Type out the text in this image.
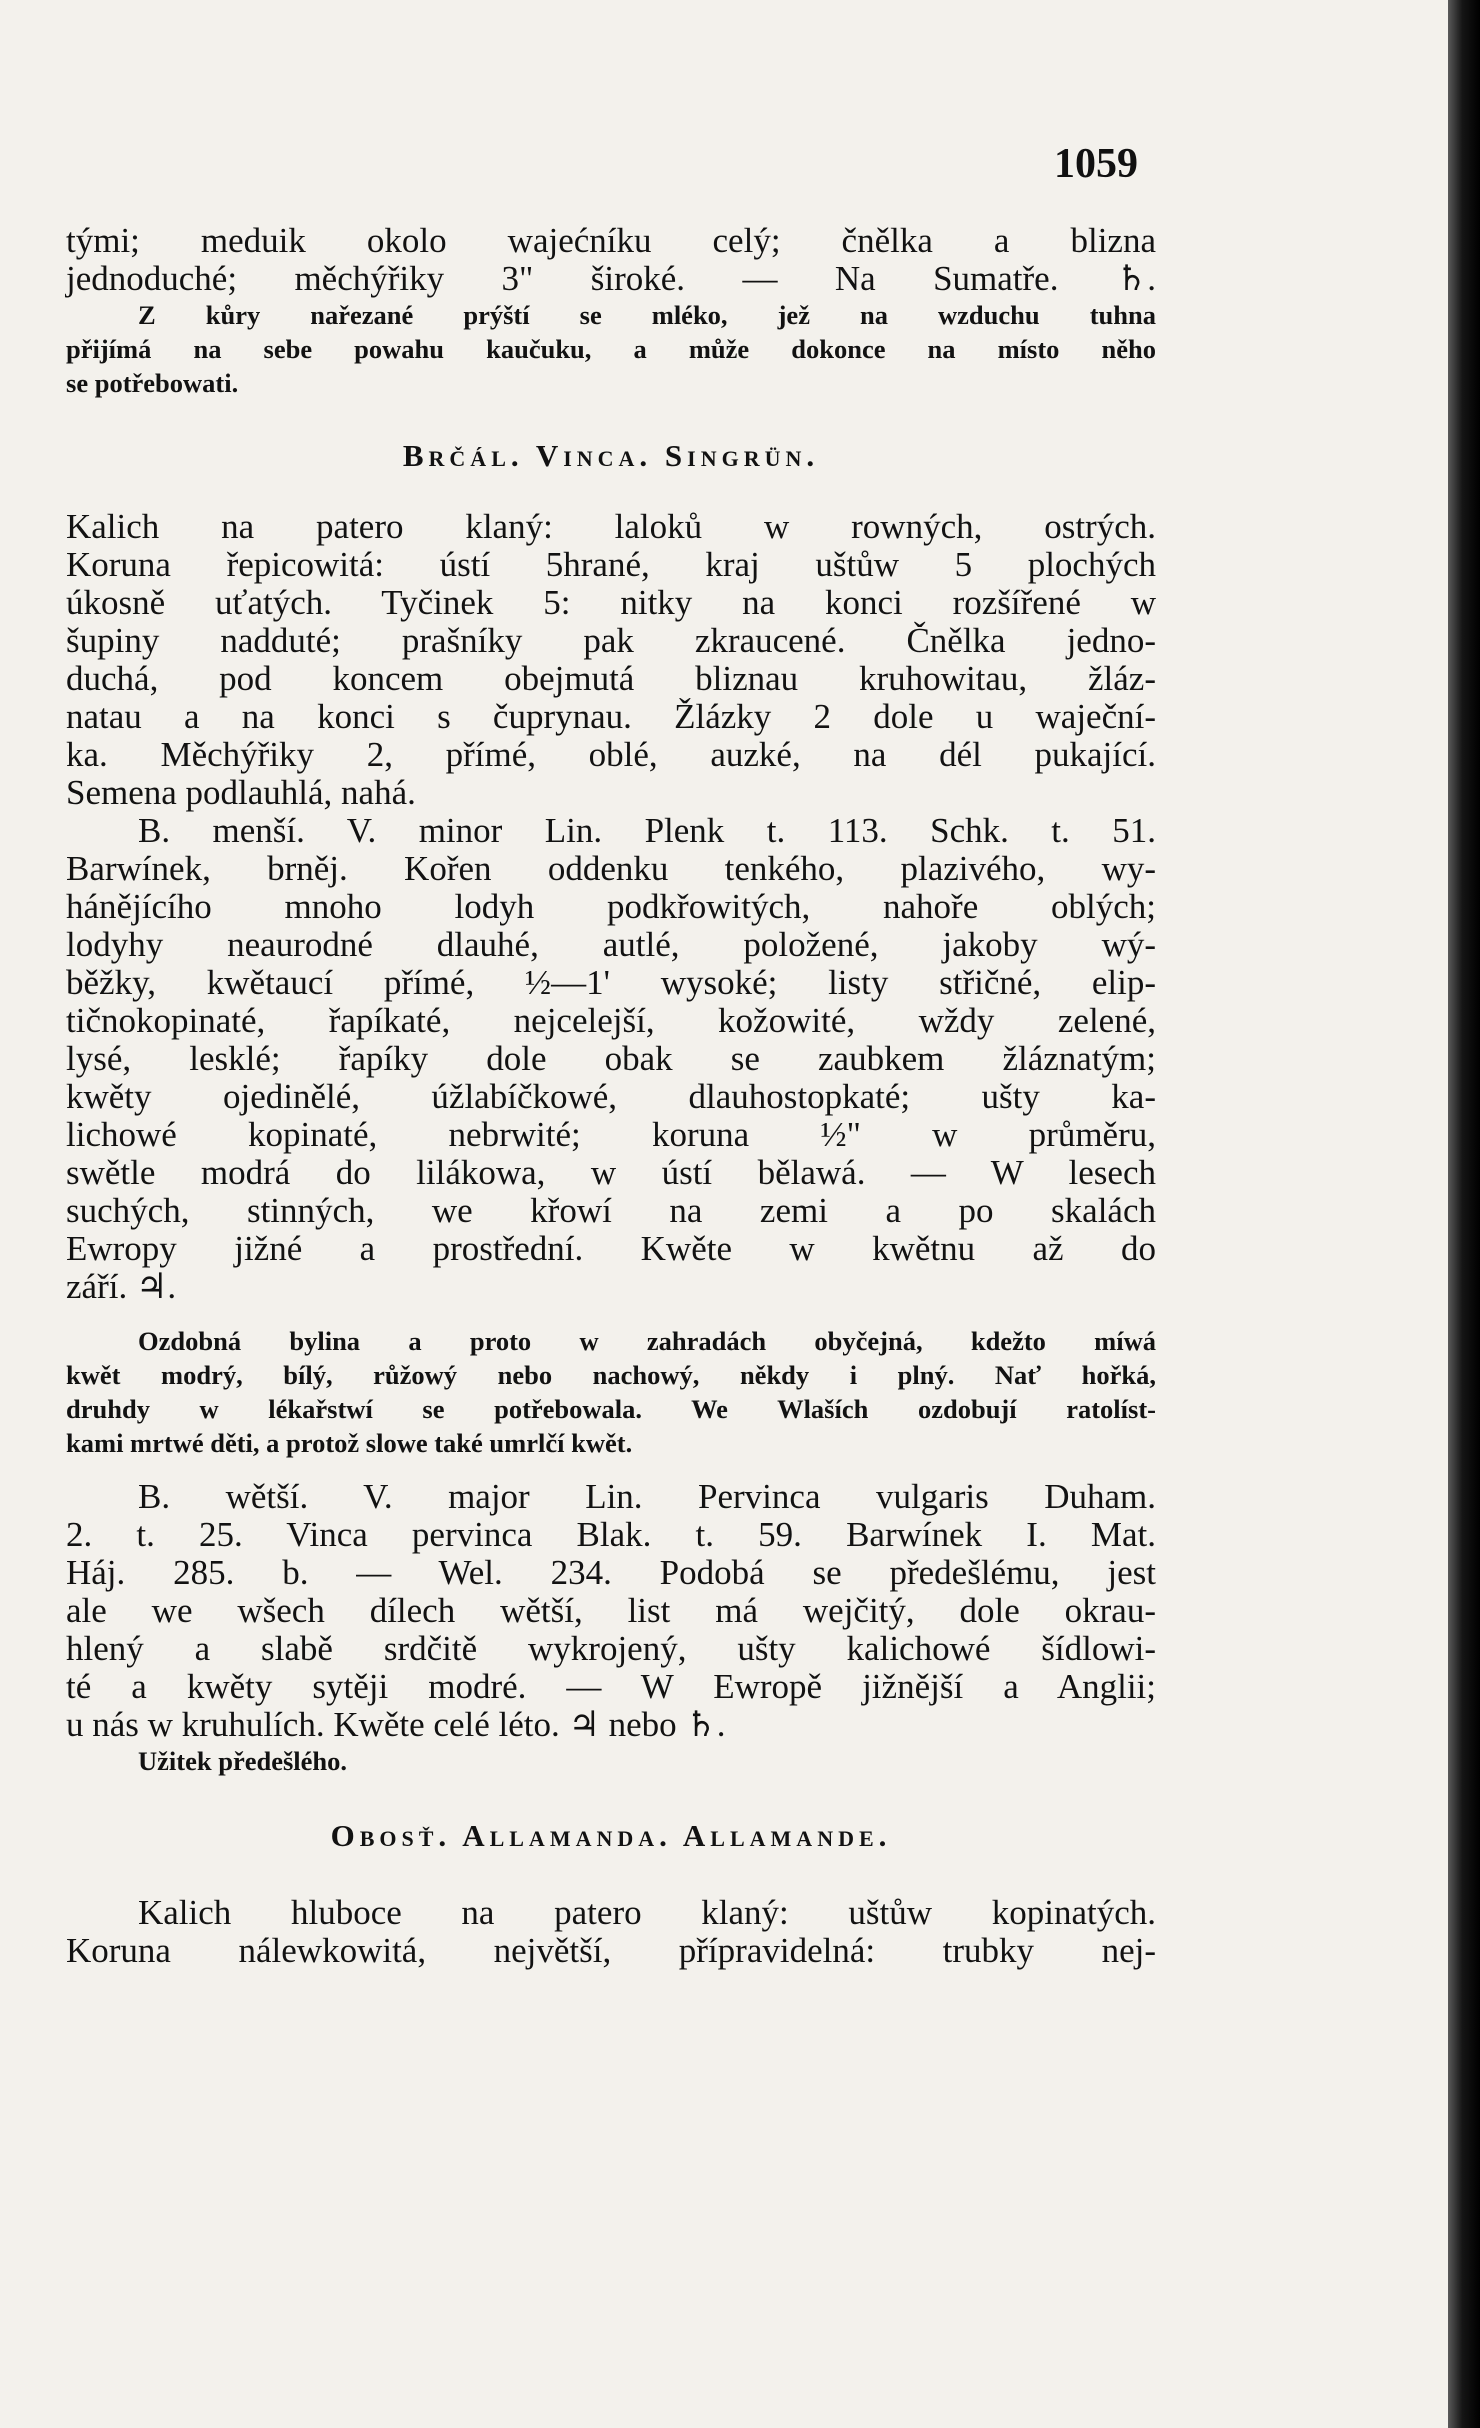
1059
tými; meduik okolo wajećníku celý; čnělka a blizna
jednoduché; měchýřiky 3" široké. — Na Sumatře. ♄.
Z kůry nařezané prýští se mléko, jež na wzduchu tuhna
přijímá na sebe powahu kaučuku, a může dokonce na místo něho
se potřebowati.
Brčál. Vinca. Singrün.
Kalich na patero klaný: laloků w rowných, ostrých.
Koruna řepicowitá: ústí 5hrané, kraj uštůw 5 plochých
úkosně uťatých. Tyčinek 5: nitky na konci rozšířené w
šupiny nadduté; prašníky pak zkraucené. Čnělka jedno-
duchá, pod koncem obejmutá bliznau kruhowitau, žláz-
natau a na konci s čuprynau. Žlázky 2 dole u waječní-
ka. Měchýřiky 2, přímé, oblé, auzké, na dél pukající.
Semena podlauhlá, nahá.
B. menší. V. minor Lin. Plenk t. 113. Schk. t. 51.
Barwínek, brněj. Kořen oddenku tenkého, plazivého, wy-
hánějícího mnoho lodyh podkřowitých, nahoře oblých;
lodyhy neaurodné dlauhé, autlé, položené, jakoby wý-
běžky, kwětaucí přímé, ½—1' wysoké; listy střičné, elip-
tičnokopinaté, řapíkaté, nejcelejší, kožowité, wždy zelené,
lysé, lesklé; řapíky dole obak se zaubkem žláznatým;
kwěty ojedinělé, úžlabíčkowé, dlauhostopkaté; ušty ka-
lichowé kopinaté, nebrwité; koruna ½" w průměru,
swětle modrá do lilákowa, w ústí bělawá. — W lesech
suchých, stinných, we křowí na zemi a po skalách
Ewropy jižné a prostřední. Kwěte w kwětnu až do
září. ♃.
Ozdobná bylina a proto w zahradách obyčejná, kdežto míwá
kwět modrý, bílý, růžowý nebo nachowý, někdy i plný. Nať hořká,
druhdy w lékařstwí se potřebowala. We Wlaších ozdobují ratolíst-
kami mrtwé děti, a protož slowe také umrlčí kwět.
B. wětší. V. major Lin. Pervinca vulgaris Duham.
2. t. 25. Vinca pervinca Blak. t. 59. Barwínek I. Mat.
Háj. 285. b. — Wel. 234. Podobá se předešlému, jest
ale we wšech dílech wětší, list má wejčitý, dole okrau-
hlený a slabě srdčitě wykrojený, ušty kalichowé šídlowi-
té a kwěty sytěji modré. — W Ewropě jižnější a Anglii;
u nás w kruhulích. Kwěte celé léto. ♃ nebo ♄.
Užitek předešlého.
Obosť. Allamanda. Allamande.
Kalich hluboce na patero klaný: uštůw kopinatých.
Koruna nálewkowitá, největší, přípravidelná: trubky nej-
